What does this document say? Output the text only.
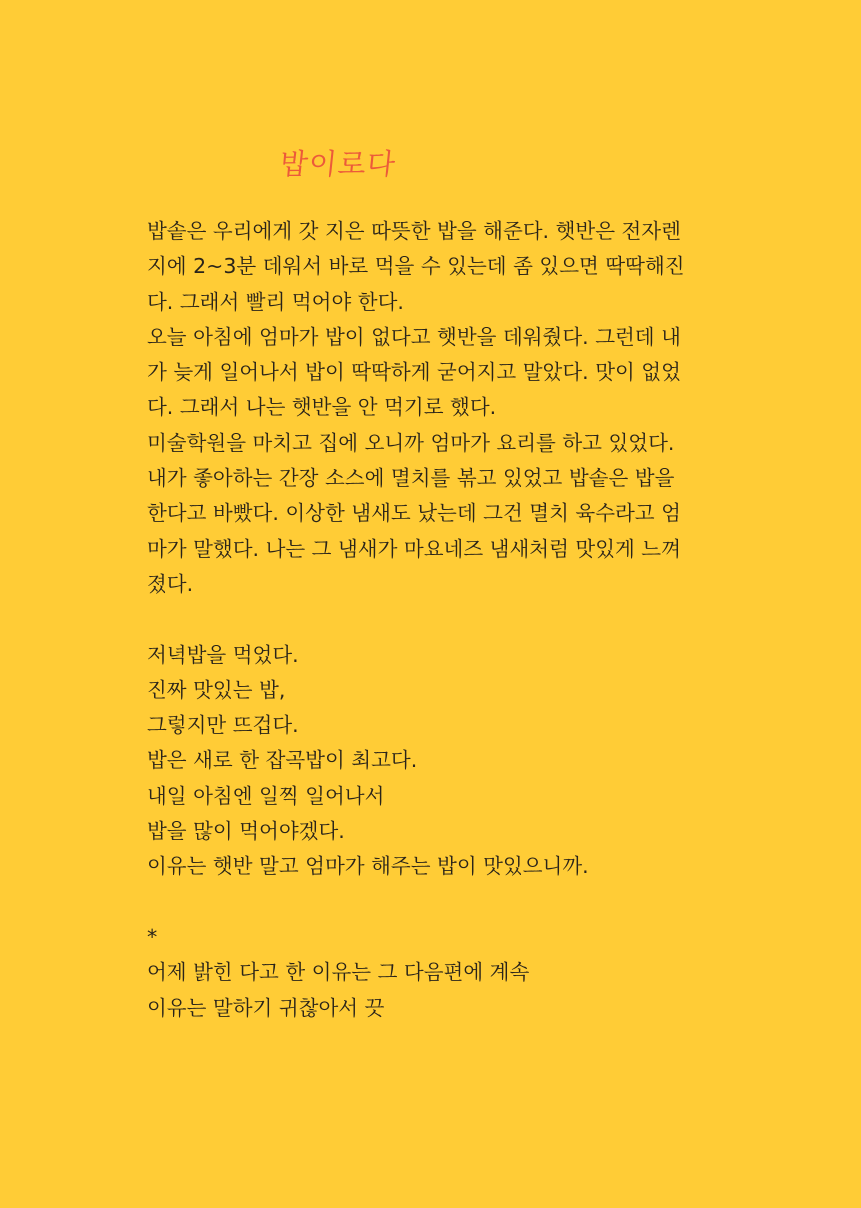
밥이로다
밥솥은 우리에게 갓 지은 따뜻한 밥을 해준다. 햇반은 전자렌
지에 2~3분 데워서 바로 먹을 수 있는데 좀 있으면 딱딱해진
다. 그래서 빨리 먹어야 한다.
오늘 아침에 엄마가 밥이 없다고 햇반을 데워줬다. 그런데 내
가 늦게 일어나서 밥이 딱딱하게 굳어지고 말았다. 맛이 없었
다. 그래서 나는 햇반을 안 먹기로 했다.
미술학원을 마치고 집에 오니까 엄마가 요리를 하고 있었다.
내가 좋아하는 간장 소스에 멸치를 볶고 있었고 밥솥은 밥을
한다고 바빴다. 이상한 냄새도 났는데 그건 멸치 육수라고 엄
마가 말했다. 나는 그 냄새가 마요네즈 냄새처럼 맛있게 느껴
졌다.
저녁밥을 먹었다.
진짜 맛있는 밥,
그렇지만 뜨겁다.
밥은 새로 한 잡곡밥이 최고다.
내일 아침엔 일찍 일어나서
밥을 많이 먹어야겠다.
이유는 햇반 말고 엄마가 해주는 밥이 맛있으니까.
*
어제 밝힌 다고 한 이유는 그 다음편에 계속
이유는 말하기 귀찮아서 끗
